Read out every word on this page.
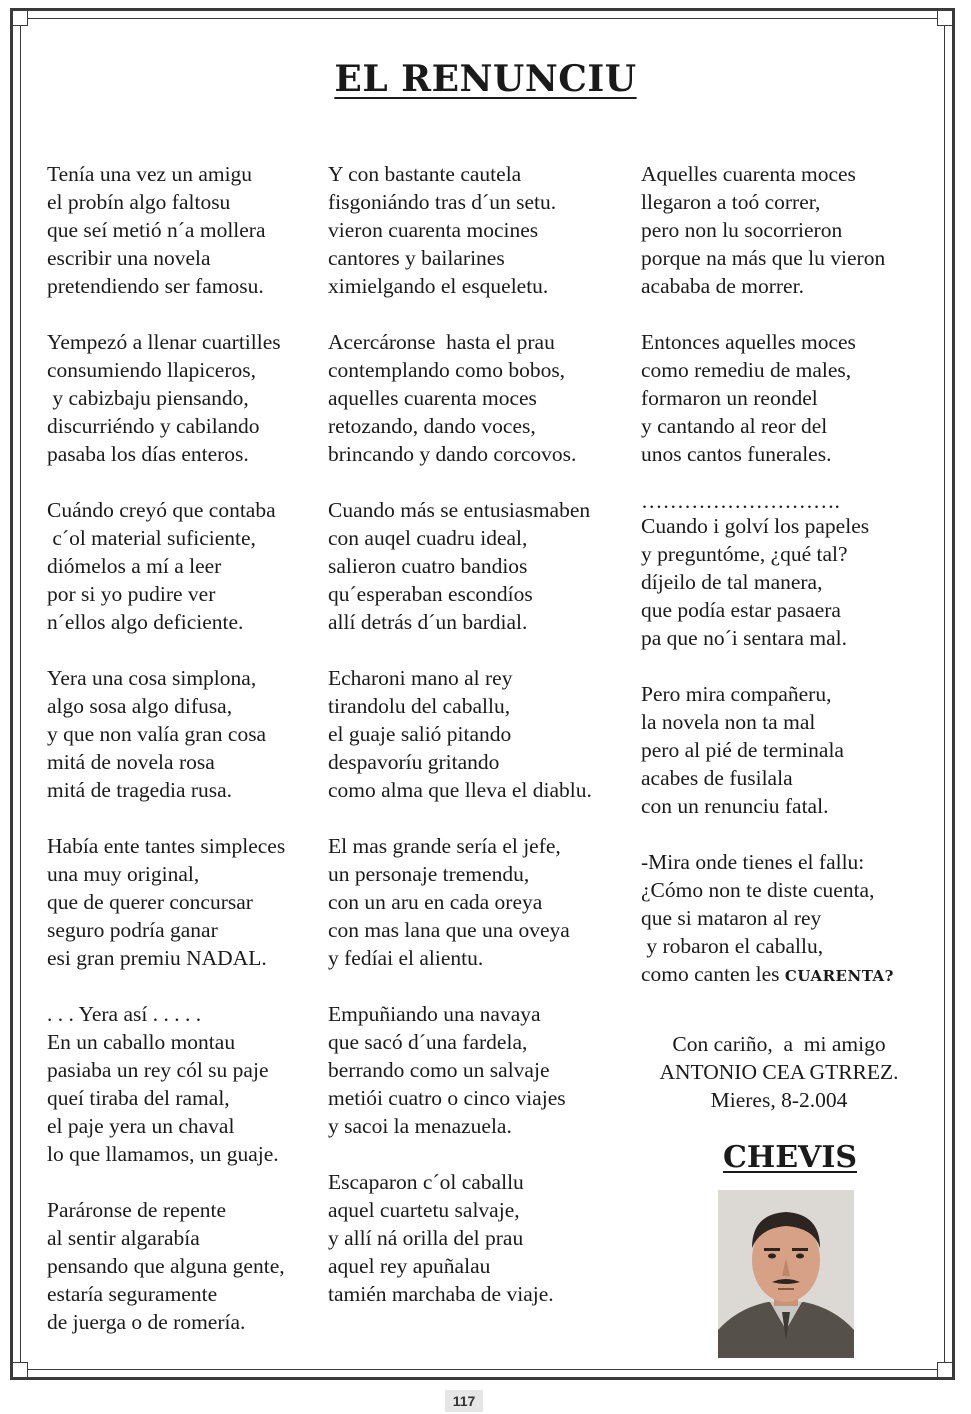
EL RENUNCIU
Tenía una vez un amigu
el probín algo faltosu
que seí metió n´a mollera
escribir una novela
pretendiendo ser famosu.
Yempezó a llenar cuartilles
consumiendo llapiceros,
y cabizbaju piensando,
discurriéndo y cabilando
pasaba los días enteros.
Cuándo creyó que contaba
c´ol material suficiente,
diómelos a mí a leer
por si yo pudire ver
n´ellos algo deficiente.
Yera una cosa simplona,
algo sosa algo difusa,
y que non valía gran cosa
mitá de novela rosa
mitá de tragedia rusa.
Había ente tantes simpleces
una muy original,
que de querer concursar
seguro podría ganar
esi gran premiu NADAL.
. . . Yera así . . . . .
En un caballo montau
pasiaba un rey cól su paje
queí tiraba del ramal,
el paje yera un chaval
lo que llamamos, un guaje.
Paráronse de repente
al sentir algarabía
pensando que alguna gente,
estaría seguramente
de juerga o de romería.
Y con bastante cautela
fisgoniándo tras d´un setu.
vieron cuarenta mocines
cantores y bailarines
ximielgando el esqueletu.
Acercáronse  hasta el prau
contemplando como bobos,
aquelles cuarenta moces
retozando, dando voces,
brincando y dando corcovos.
Cuando más se entusiasmaben
con auqel cuadru ideal,
salieron cuatro bandios
qu´esperaban escondíos
allí detrás d´un bardial.
Echaroni mano al rey
tirandolu del caballu,
el guaje salió pitando
despavoríu gritando
como alma que lleva el diablu.
El mas grande sería el jefe,
un personaje tremendu,
con un aru en cada oreya
con mas lana que una oveya
y fedíai el alientu.
Empuñiando una navaya
que sacó d´una fardela,
berrando como un salvaje
metiói cuatro o cinco viajes
y sacoi la menazuela.
Escaparon c´ol caballu
aquel cuartetu salvaje,
y allí ná orilla del prau
aquel rey apuñalau
tamién marchaba de viaje.
Aquelles cuarenta moces
llegaron a toó correr,
pero non lu socorrieron
porque na más que lu vieron
acababa de morrer.
Entonces aquelles moces
como remediu de males,
formaron un reondel
y cantando al reor del
unos cantos funerales.
……………………….
Cuando i golví los papeles
y preguntóme, ¿qué tal?
díjeilo de tal manera,
que podía estar pasaera
pa que no´i sentara mal.
Pero mira compañeru,
la novela non ta mal
pero al pié de terminala
acabes de fusilala
con un renunciu fatal.
-Mira onde tienes el fallu:
¿Cómo non te diste cuenta,
que si mataron al rey
y robaron el caballu,
como canten les CUARENTA?
Con cariño,  a  mi amigo
ANTONIO CEA GTRREZ.
Mieres, 8-2.004
CHEVIS
117
